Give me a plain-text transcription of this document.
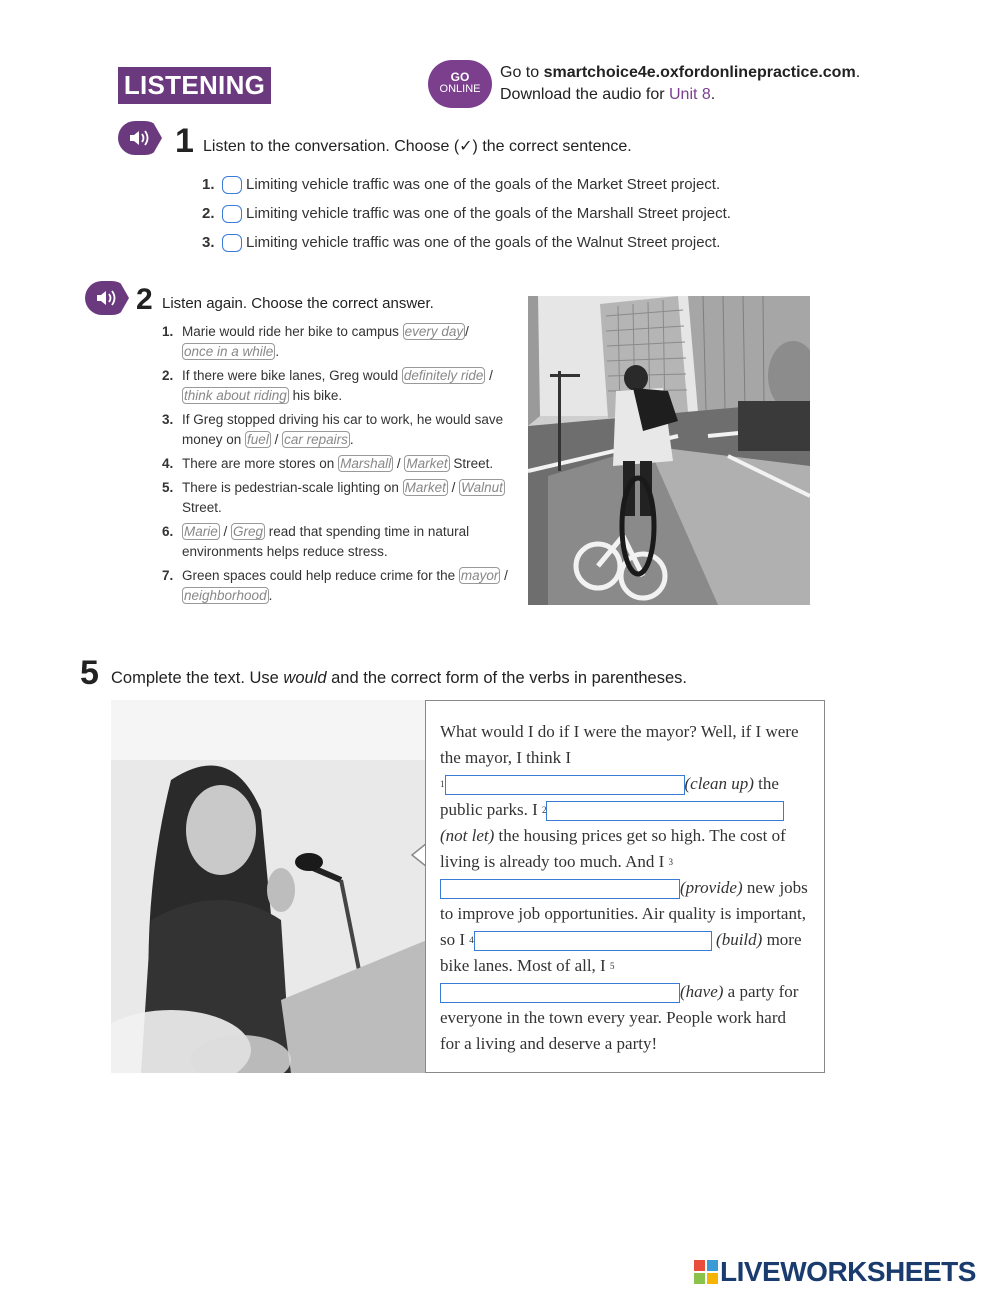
LISTENING	GO
ONLINE
Go to smartchoice4e.oxfordonlinepractice.com.
Download the audio for Unit 8.
1 Listen to the conversation. Choose (✓) the correct sentence.
1.	Limiting vehicle traffic was one of the goals of the Market Street project.
2.	Limiting vehicle traffic was one of the goals of the Marshall Street project.
3.	Limiting vehicle traffic was one of the goals of the Walnut Street project.
2 Listen again. Choose the correct answer.
1. Marie would ride her bike to campus every day /once in a while .
2. If there were bike lanes, Greg would definitely ride / think about riding his bike.
3. If Greg stopped driving his car to work, he would save money on fuel / car repairs .
4. There are more stores on Marshall / Market Street.
5. There is pedestrian-scale lighting on Market / Walnut Street.
6. Marie / Greg read that spending time in natural environments helps reduce stress.
7. Green spaces could help reduce crime for the mayor / neighborhood .
5 Complete the text. Use would and the correct form of the verbs in parentheses.
What would I do if I were the mayor? Well, if I were the mayor, I think I
$^1$	(clean up) the public parks. I $^2$ (not let) the housing prices get so high. The cost of living is already too much. And I $^3$(provide) new jobs to improve job opportunities. Air quality is important, so I $^4$	(build) more bike lanes. Most of all, I $^5$(have) a party for everyone in the town every year. People work hard for a living and deserve a party!
LIVEWORKSHEETS
